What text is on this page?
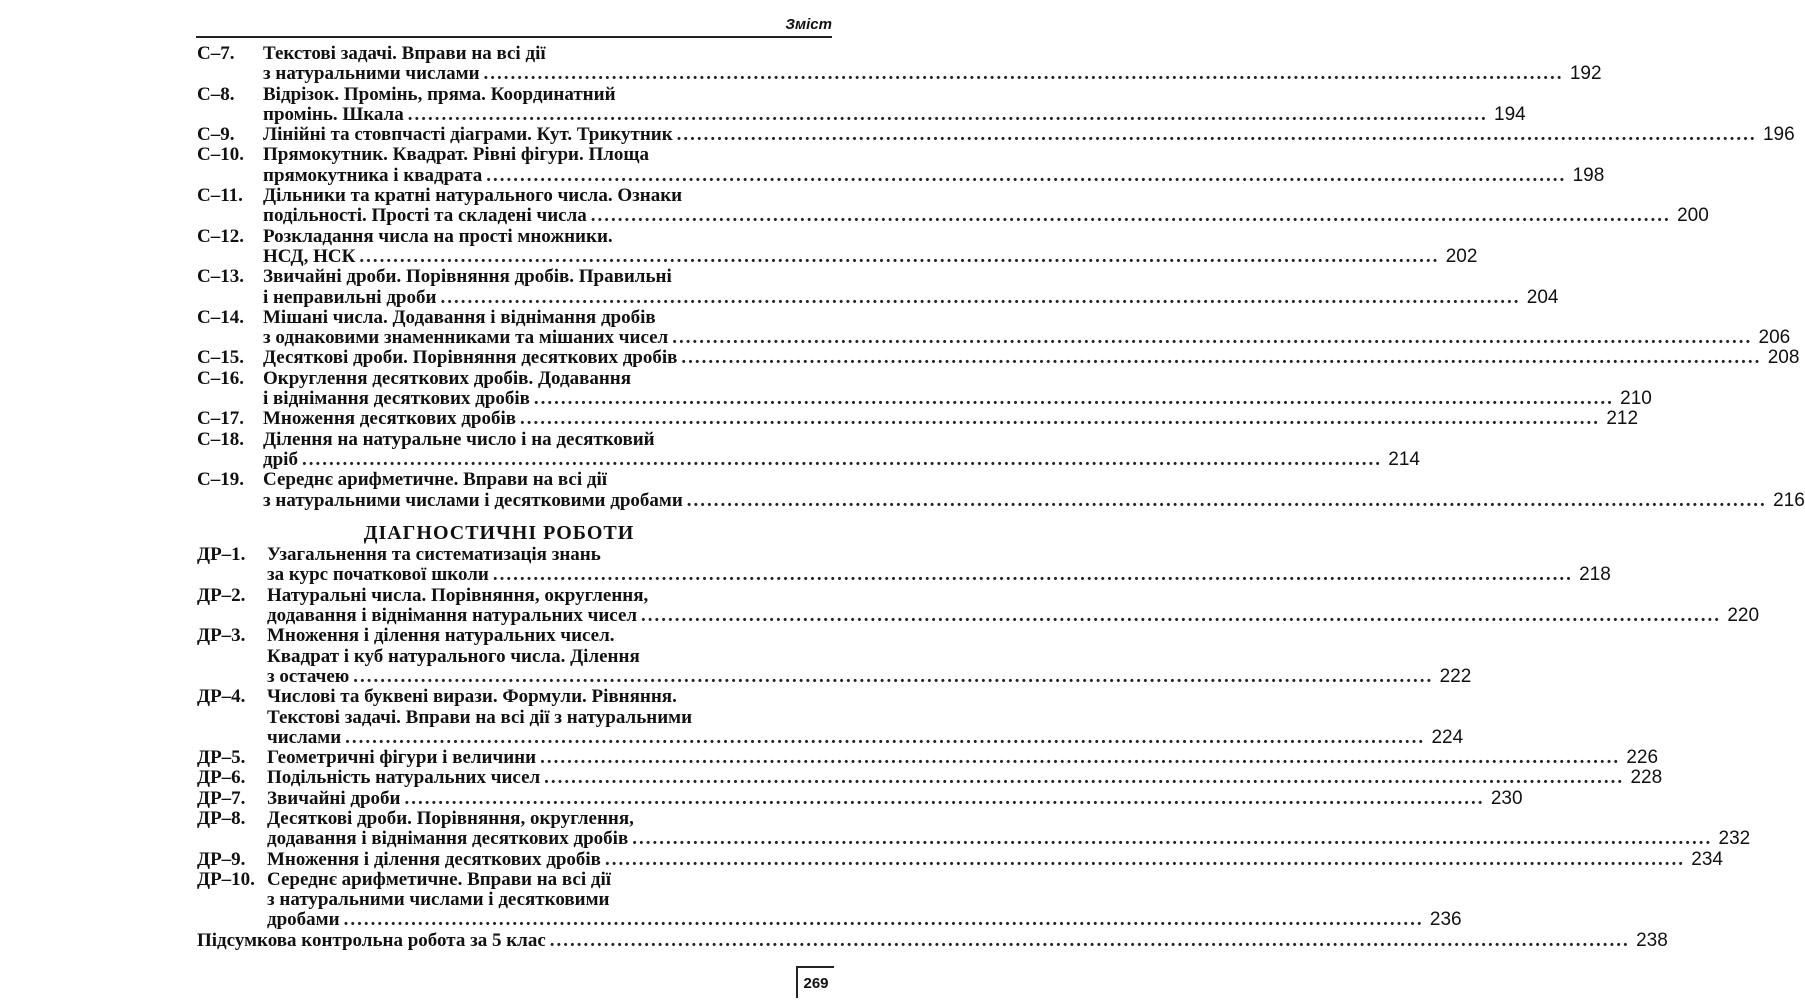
Зміст
С–7.	Текстові задачі. Вправи на всі дії
з натуральними числами .....	192
С–8.	Відрізок. Промінь, пряма. Координатний
промінь. Шкала .....	194
С–9.	Лінійні та стовпчасті діаграми. Кут. Трикутник .....	196
С–10.	Прямокутник. Квадрат. Рівні фігури. Площа
прямокутника і квадрата .....	198
С–11.	Дільники та кратні натурального числа. Ознаки
подільності. Прості та складені числа .....	200
С–12.	Розкладання числа на прості множники.
НСД, НСК .....	202
С–13.	Звичайні дроби. Порівняння дробів. Правильні
і неправильні дроби .....	204
С–14.	Мішані числа. Додавання і віднімання дробів
з однаковими знаменниками та мішаних чисел .....	206
С–15.	Десяткові дроби. Порівняння десяткових дробів .....	208
С–16.	Округлення десяткових дробів. Додавання
і віднімання десяткових дробів .....	210
С–17.	Множення десяткових дробів .....	212
С–18.	Ділення на натуральне число і на десятковий
дріб .....	214
С–19.	Середнє арифметичне. Вправи на всі дії
з натуральними числами і десятковими дробами .....	216
ДІАГНОСТИЧНІ РОБОТИ
ДР–1.	Узагальнення та систематизація знань
за курс початкової школи .....	218
ДР–2.	Натуральні числа. Порівняння, округлення,
додавання і віднімання натуральних чисел .....	220
ДР–3.	Множення і ділення натуральних чисел.
Квадрат і куб натурального числа. Ділення
з остачею .....	222
ДР–4.	Числові та буквені вирази. Формули. Рівняння.
Текстові задачі. Вправи на всі дії з натуральними
числами .....	224
ДР–5.	Геометричні фігури і величини .....	226
ДР–6.	Подільність натуральних чисел .....	228
ДР–7.	Звичайні дроби .....	230
ДР–8.	Десяткові дроби. Порівняння, округлення,
додавання і віднімання десяткових дробів .....	232
ДР–9.	Множення і ділення десяткових дробів .....	234
ДР–10. Середнє арифметичне. Вправи на всі дії
з натуральними числами і десятковими
дробами .....	236
Підсумкова контрольна робота за 5 клас .....	238
269
